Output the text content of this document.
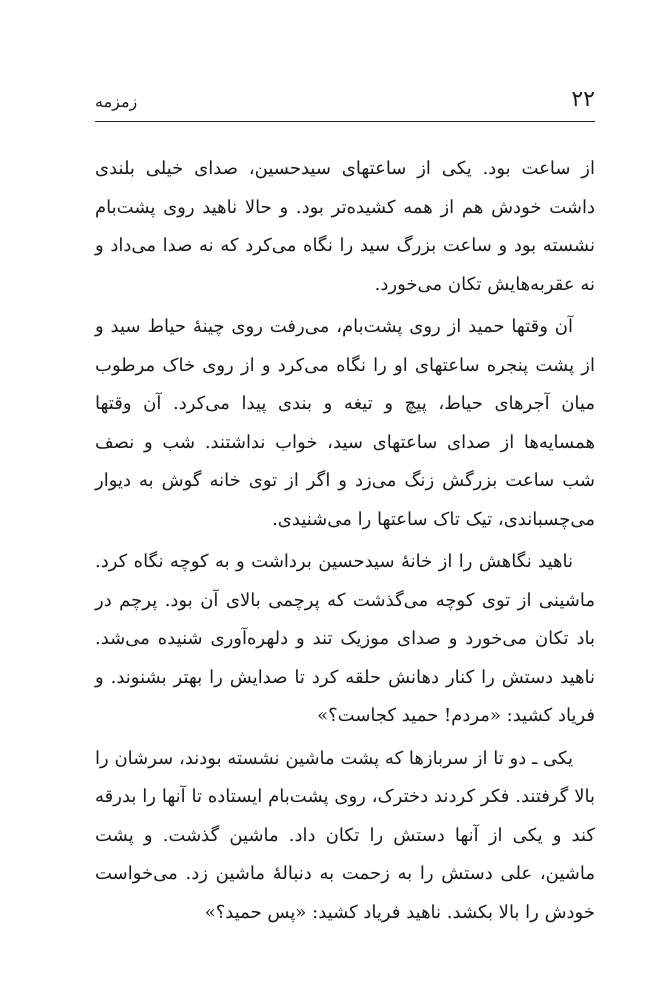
۲۲
زمزمه

از ساعت بود. یکی از ساعتهای سیدحسین، صدای خیلی بلندی داشت خودش هم از همه کشیده‌تر بود. و حالا ناهید روی پشت‌بام نشسته بود و ساعت بزرگ سید را نگاه می‌کرد که نه صدا می‌داد و نه عقربه‌هایش تکان می‌خورد.

آن وقتها حمید از روی پشت‌بام، می‌رفت روی چینهٔ حیاط سید و از پشت پنجره ساعتهای او را نگاه می‌کرد و از روی خاک مرطوب میان آجرهای حیاط، پیچ و تیغه و بندی پیدا می‌کرد. آن وقتها همسایه‌ها از صدای ساعتهای سید، خواب نداشتند. شب و نصف شب ساعت بزرگش زنگ می‌زد و اگر از توی خانه گوش به دیوار می‌چسباندی، تیک تاک ساعتها را می‌شنیدی.

ناهید نگاهش را از خانهٔ سیدحسین برداشت و به کوچه نگاه کرد. ماشینی از توی کوچه می‌گذشت که پرچمی بالای آن بود. پرچم در باد تکان می‌خورد و صدای موزیک تند و دلهره‌آوری شنیده می‌شد. ناهید دستش را کنار دهانش حلقه کرد تا صدایش را بهتر بشنوند. و فریاد کشید: «مردم! حمید کجاست؟»

یکی ـ دو تا از سربازها که پشت ماشین نشسته بودند، سرشان را بالا گرفتند. فکر کردند دخترک، روی پشت‌بام ایستاده تا آنها را بدرقه کند و یکی از آنها دستش را تکان داد. ماشین گذشت. و پشت ماشین، علی دستش را به زحمت به دنبالهٔ ماشین زد. می‌خواست خودش را بالا بکشد. ناهید فریاد کشید: «پس حمید؟»
